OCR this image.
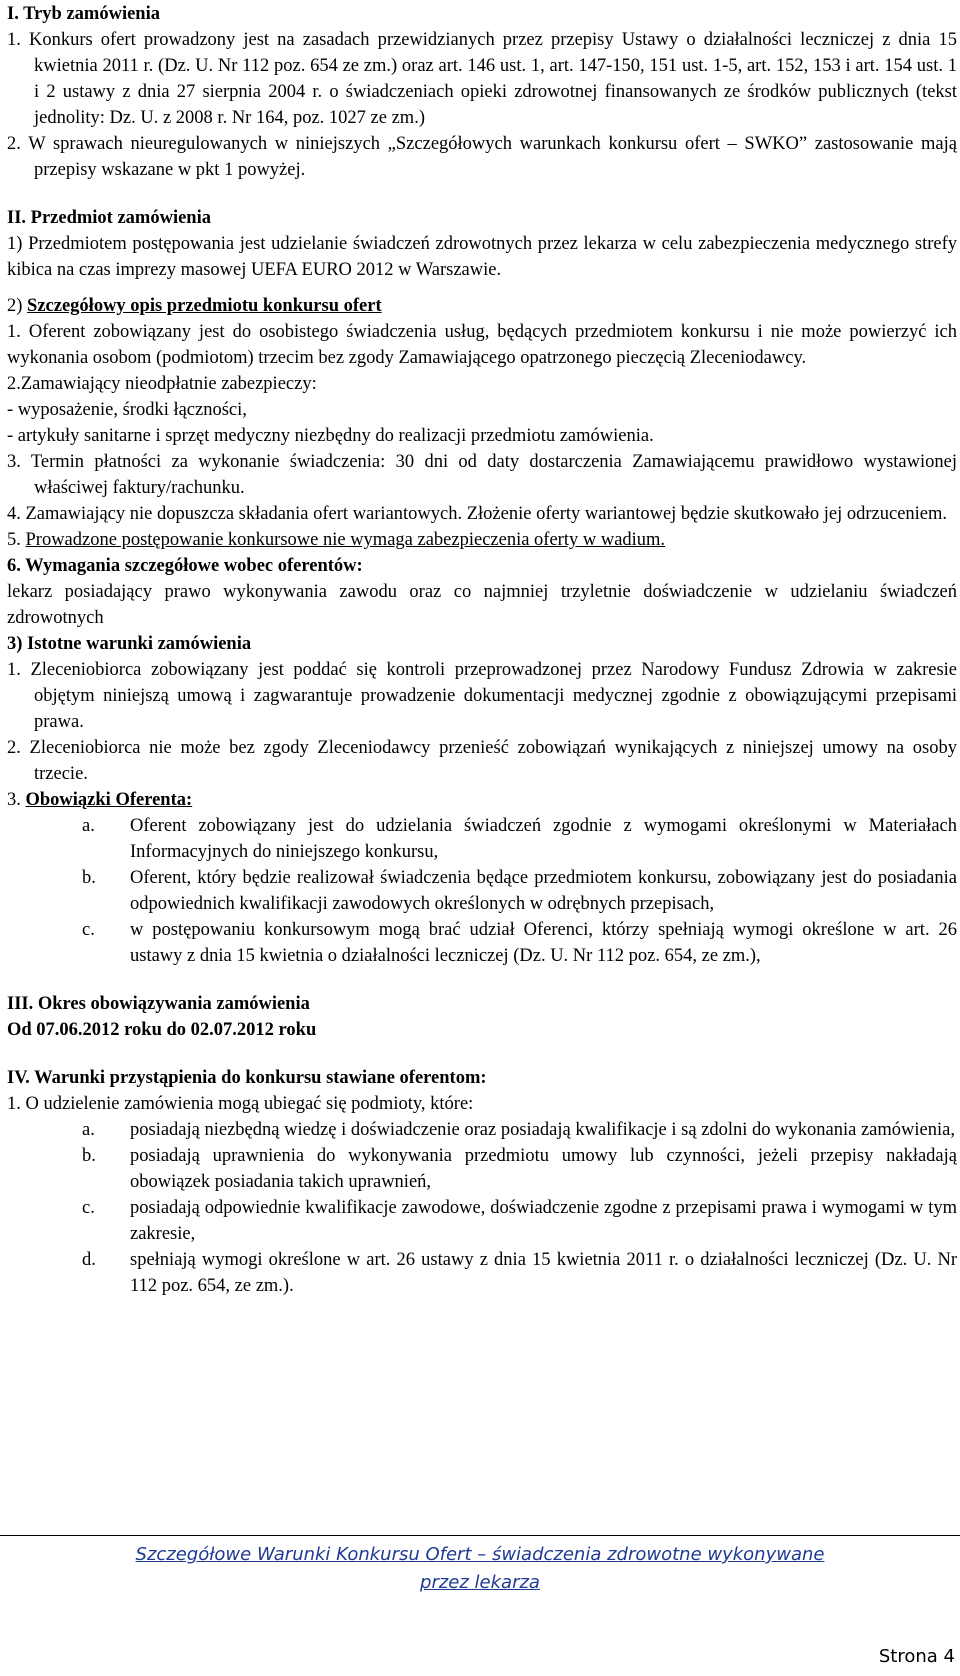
I. Tryb zamówienia
1. Konkurs ofert prowadzony jest na zasadach przewidzianych przez przepisy Ustawy o działalności leczniczej z dnia 15 kwietnia 2011 r. (Dz. U. Nr 112 poz. 654 ze zm.) oraz art. 146 ust. 1, art. 147-150, 151 ust. 1-5, art. 152, 153 i art. 154 ust. 1 i 2 ustawy z dnia 27 sierpnia 2004 r. o świadczeniach opieki zdrowotnej finansowanych ze środków publicznych (tekst jednolity: Dz. U. z 2008 r. Nr 164, poz. 1027 ze zm.)
2. W sprawach nieuregulowanych w niniejszych „Szczegółowych warunkach konkursu ofert – SWKO” zastosowanie mają przepisy wskazane w pkt 1 powyżej.
II. Przedmiot zamówienia
1) Przedmiotem postępowania jest udzielanie świadczeń zdrowotnych przez lekarza w celu zabezpieczenia medycznego strefy kibica na czas imprezy masowej UEFA EURO 2012 w Warszawie.
2) Szczegółowy opis przedmiotu konkursu ofert
1. Oferent zobowiązany jest do osobistego świadczenia usług, będących przedmiotem konkursu i nie może powierzyć ich wykonania osobom (podmiotom) trzecim bez zgody Zamawiającego opatrzonego pieczęcią Zleceniodawcy.
2.Zamawiający nieodpłatnie zabezpieczy:
- wyposażenie, środki łączności,
- artykuły sanitarne i sprzęt medyczny niezbędny do realizacji przedmiotu zamówienia.
3. Termin płatności za wykonanie świadczenia: 30 dni od daty dostarczenia Zamawiającemu prawidłowo wystawionej właściwej faktury/rachunku.
4. Zamawiający nie dopuszcza składania ofert wariantowych. Złożenie oferty wariantowej będzie skutkowało jej odrzuceniem.
5. Prowadzone postępowanie konkursowe nie wymaga zabezpieczenia oferty w wadium.
6. Wymagania szczegółowe wobec oferentów:
lekarz posiadający prawo wykonywania zawodu oraz co najmniej trzyletnie doświadczenie w udzielaniu świadczeń zdrowotnych
3) Istotne warunki zamówienia
1. Zleceniobiorca zobowiązany jest poddać się kontroli przeprowadzonej przez Narodowy Fundusz Zdrowia w zakresie objętym niniejszą umową i zagwarantuje prowadzenie dokumentacji medycznej zgodnie z obowiązującymi przepisami prawa.
2. Zleceniobiorca nie może bez zgody Zleceniodawcy przenieść zobowiązań wynikających z niniejszej umowy na osoby trzecie.
3. Obowiązki Oferenta:
a.	Oferent zobowiązany jest do udzielania świadczeń zgodnie z wymogami określonymi w Materiałach Informacyjnych do niniejszego konkursu,
b.	Oferent, który będzie realizował świadczenia będące przedmiotem konkursu, zobowiązany jest do posiadania odpowiednich kwalifikacji zawodowych określonych w odrębnych przepisach,
c.	w postępowaniu konkursowym mogą brać udział Oferenci, którzy spełniają wymogi określone w art. 26 ustawy z dnia 15 kwietnia o działalności leczniczej (Dz. U. Nr 112 poz. 654, ze zm.),
III. Okres obowiązywania zamówienia
Od 07.06.2012 roku do 02.07.2012 roku
IV. Warunki przystąpienia do konkursu stawiane oferentom:
1. O udzielenie zamówienia mogą ubiegać się podmioty, które:
a.	posiadają niezbędną wiedzę i doświadczenie oraz posiadają kwalifikacje i są zdolni do wykonania zamówienia,
b.	posiadają uprawnienia do wykonywania przedmiotu umowy lub czynności, jeżeli przepisy nakładają obowiązek posiadania takich uprawnień,
c.	posiadają odpowiednie kwalifikacje zawodowe, doświadczenie zgodne z przepisami prawa i wymogami w tym zakresie,
d.	spełniają wymogi określone w art. 26 ustawy z dnia 15 kwietnia 2011 r. o działalności leczniczej (Dz. U. Nr 112 poz. 654, ze zm.).
Szczegółowe Warunki Konkursu Ofert – świadczenia zdrowotne wykonywane
przez lekarza
Strona 4
